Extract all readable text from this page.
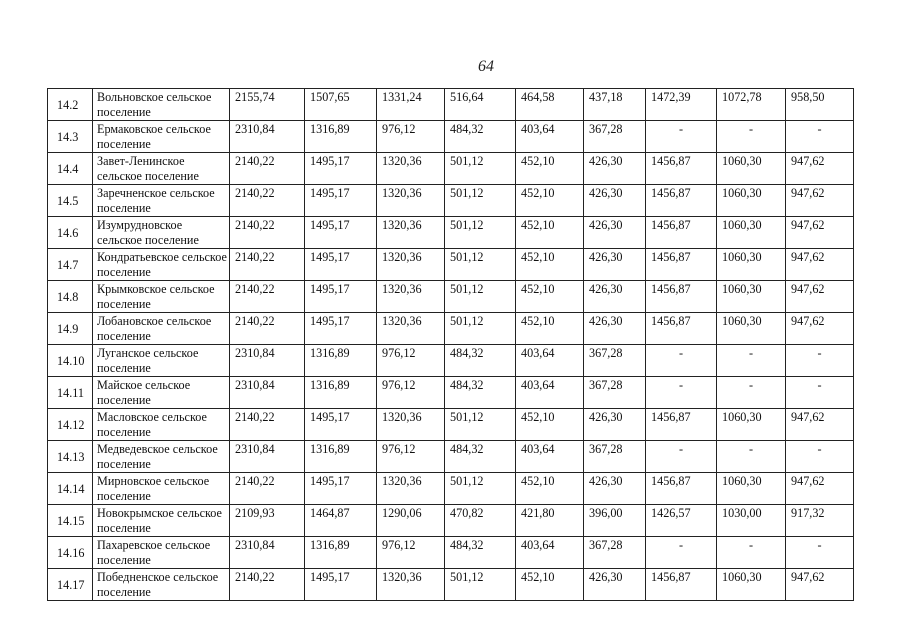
64
14.2	Вольновское сельское поселение	2155,74	1507,65	1331,24	516,64	464,58	437,18	1472,39	1072,78	958,50
14.3	Ермаковское сельское поселение	2310,84	1316,89	976,12	484,32	403,64	367,28	-	-	-
14.4	Завет-Ленинское сельское поселение	2140,22	1495,17	1320,36	501,12	452,10	426,30	1456,87	1060,30	947,62
14.5	Заречненское сельское поселение	2140,22	1495,17	1320,36	501,12	452,10	426,30	1456,87	1060,30	947,62
14.6	Изумрудновское сельское поселение	2140,22	1495,17	1320,36	501,12	452,10	426,30	1456,87	1060,30	947,62
14.7	Кондратьевское сельское поселение	2140,22	1495,17	1320,36	501,12	452,10	426,30	1456,87	1060,30	947,62
14.8	Крымковское сельское поселение	2140,22	1495,17	1320,36	501,12	452,10	426,30	1456,87	1060,30	947,62
14.9	Лобановское сельское поселение	2140,22	1495,17	1320,36	501,12	452,10	426,30	1456,87	1060,30	947,62
14.10	Луганское сельское поселение	2310,84	1316,89	976,12	484,32	403,64	367,28	-	-	-
14.11	Майское сельское поселение	2310,84	1316,89	976,12	484,32	403,64	367,28	-	-	-
14.12	Масловское сельское поселение	2140,22	1495,17	1320,36	501,12	452,10	426,30	1456,87	1060,30	947,62
14.13	Медведевское сельское поселение	2310,84	1316,89	976,12	484,32	403,64	367,28	-	-	-
14.14	Мирновское сельское поселение	2140,22	1495,17	1320,36	501,12	452,10	426,30	1456,87	1060,30	947,62
14.15	Новокрымское сельское поселение	2109,93	1464,87	1290,06	470,82	421,80	396,00	1426,57	1030,00	917,32
14.16	Пахаревское сельское поселение	2310,84	1316,89	976,12	484,32	403,64	367,28	-	-	-
14.17	Победненское сельское поселение	2140,22	1495,17	1320,36	501,12	452,10	426,30	1456,87	1060,30	947,62
